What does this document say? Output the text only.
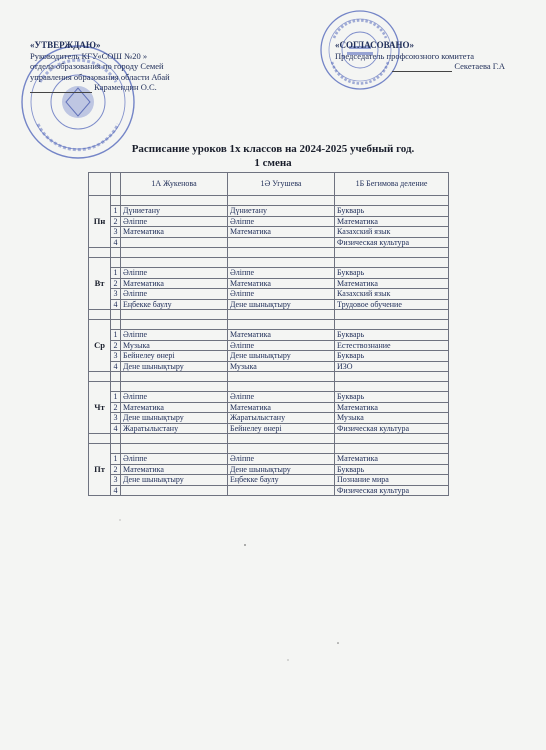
«УТВЕРЖДАЮ»
Руководитель КГУ«СОШ №20 »
отдела образования по городу Семей
управления образования области Абай
Карамендин О.С.
«СОГЛАСОВАНО»
Председатель профсоюзного комитета
Секетаева Г.А
Расписание уроков 1х классов на 2024-2025 учебный год.
1 смена
		1А Жукенова	1Ә Угушева	1Б Бегимова деление
Пн				
	1	Дүниетану	Дүниетану	Букварь
	2	Әліппе	Әліппе	Математика
	3	Математика	Математика	Казахский язык
	4			Физическая культура

Вт				
	1	Әліппе	Әліппе	Букварь
	2	Математика	Математика	Математика
	3	Әліппе	Әліппе	Казахский язык
	4	Еңбекке баулу	Дене шынықтыру	Трудовое обучение

Ср				
	1	Әліппе	Математика	Букварь
	2	Музыка	Әліппе	Естествознание
	3	Бейнелеу өнері	Дене шынықтыру	Букварь
	4	Дене шынықтыру	Музыка	ИЗО

Чт				
	1	Әліппе	Әліппе	Букварь
	2	Математика	Математика	Математика
	3	Дене шынықтыру	Жаратылыстану	Музыка
	4	Жаратылыстану	Бейнелеу өнері	Физическая культура

Пт				
	1	Әліппе	Әліппе	Математика
	2	Математика	Дене шынықтыру	Букварь
	3	Дене шынықтыру	Еңбекке баулу	Познание мира
	4			Физическая культура
